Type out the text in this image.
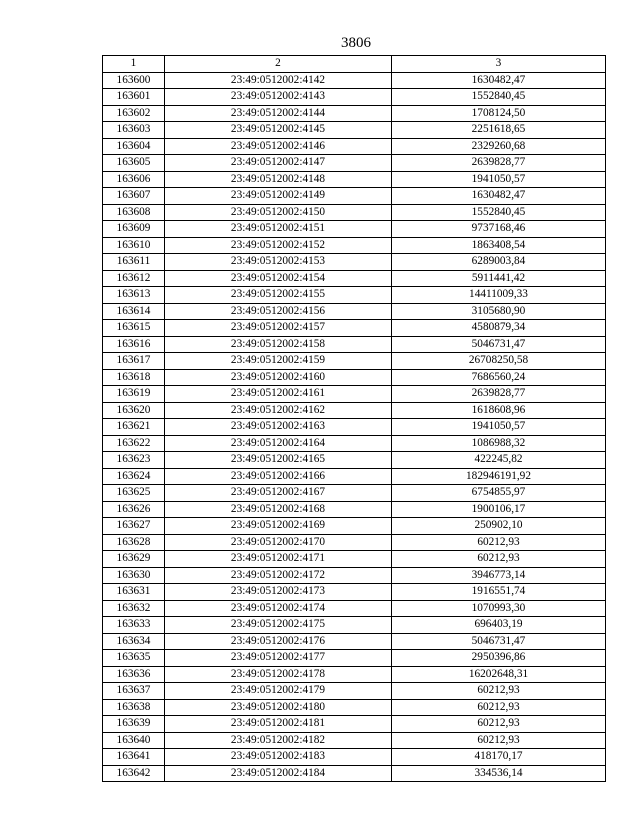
3806
1	2	3
163600	23:49:0512002:4142	1630482,47
163601	23:49:0512002:4143	1552840,45
163602	23:49:0512002:4144	1708124,50
163603	23:49:0512002:4145	2251618,65
163604	23:49:0512002:4146	2329260,68
163605	23:49:0512002:4147	2639828,77
163606	23:49:0512002:4148	1941050,57
163607	23:49:0512002:4149	1630482,47
163608	23:49:0512002:4150	1552840,45
163609	23:49:0512002:4151	9737168,46
163610	23:49:0512002:4152	1863408,54
163611	23:49:0512002:4153	6289003,84
163612	23:49:0512002:4154	5911441,42
163613	23:49:0512002:4155	14411009,33
163614	23:49:0512002:4156	3105680,90
163615	23:49:0512002:4157	4580879,34
163616	23:49:0512002:4158	5046731,47
163617	23:49:0512002:4159	26708250,58
163618	23:49:0512002:4160	7686560,24
163619	23:49:0512002:4161	2639828,77
163620	23:49:0512002:4162	1618608,96
163621	23:49:0512002:4163	1941050,57
163622	23:49:0512002:4164	1086988,32
163623	23:49:0512002:4165	422245,82
163624	23:49:0512002:4166	182946191,92
163625	23:49:0512002:4167	6754855,97
163626	23:49:0512002:4168	1900106,17
163627	23:49:0512002:4169	250902,10
163628	23:49:0512002:4170	60212,93
163629	23:49:0512002:4171	60212,93
163630	23:49:0512002:4172	3946773,14
163631	23:49:0512002:4173	1916551,74
163632	23:49:0512002:4174	1070993,30
163633	23:49:0512002:4175	696403,19
163634	23:49:0512002:4176	5046731,47
163635	23:49:0512002:4177	2950396,86
163636	23:49:0512002:4178	16202648,31
163637	23:49:0512002:4179	60212,93
163638	23:49:0512002:4180	60212,93
163639	23:49:0512002:4181	60212,93
163640	23:49:0512002:4182	60212,93
163641	23:49:0512002:4183	418170,17
163642	23:49:0512002:4184	334536,14
